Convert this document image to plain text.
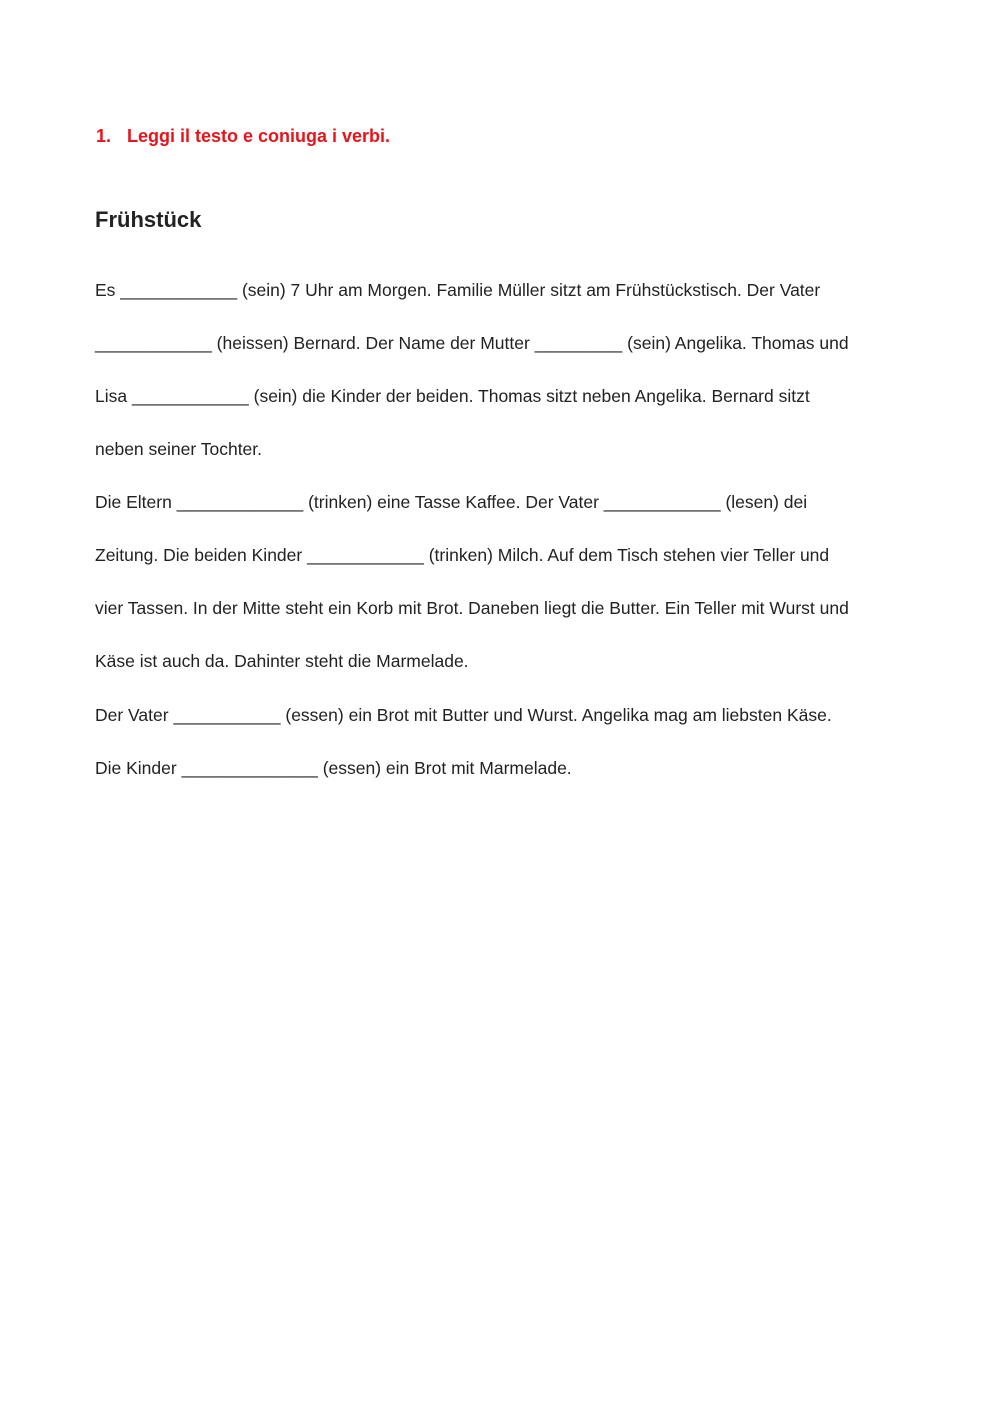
1. Leggi il testo e coniuga i verbi.

Frühstück

Es ____________ (sein) 7 Uhr am Morgen. Familie Müller sitzt am Frühstückstisch. Der Vater

____________ (heissen) Bernard. Der Name der Mutter _________ (sein) Angelika. Thomas und

Lisa ____________ (sein) die Kinder der beiden. Thomas sitzt neben Angelika. Bernard sitzt

neben seiner Tochter.

Die Eltern _____________ (trinken) eine Tasse Kaffee. Der Vater ____________ (lesen) dei

Zeitung. Die beiden Kinder ____________ (trinken) Milch. Auf dem Tisch stehen vier Teller und

vier Tassen. In der Mitte steht ein Korb mit Brot. Daneben liegt die Butter. Ein Teller mit Wurst und

Käse ist auch da. Dahinter steht die Marmelade.

Der Vater ___________ (essen) ein Brot mit Butter und Wurst. Angelika mag am liebsten Käse.

Die Kinder ______________ (essen) ein Brot mit Marmelade.
